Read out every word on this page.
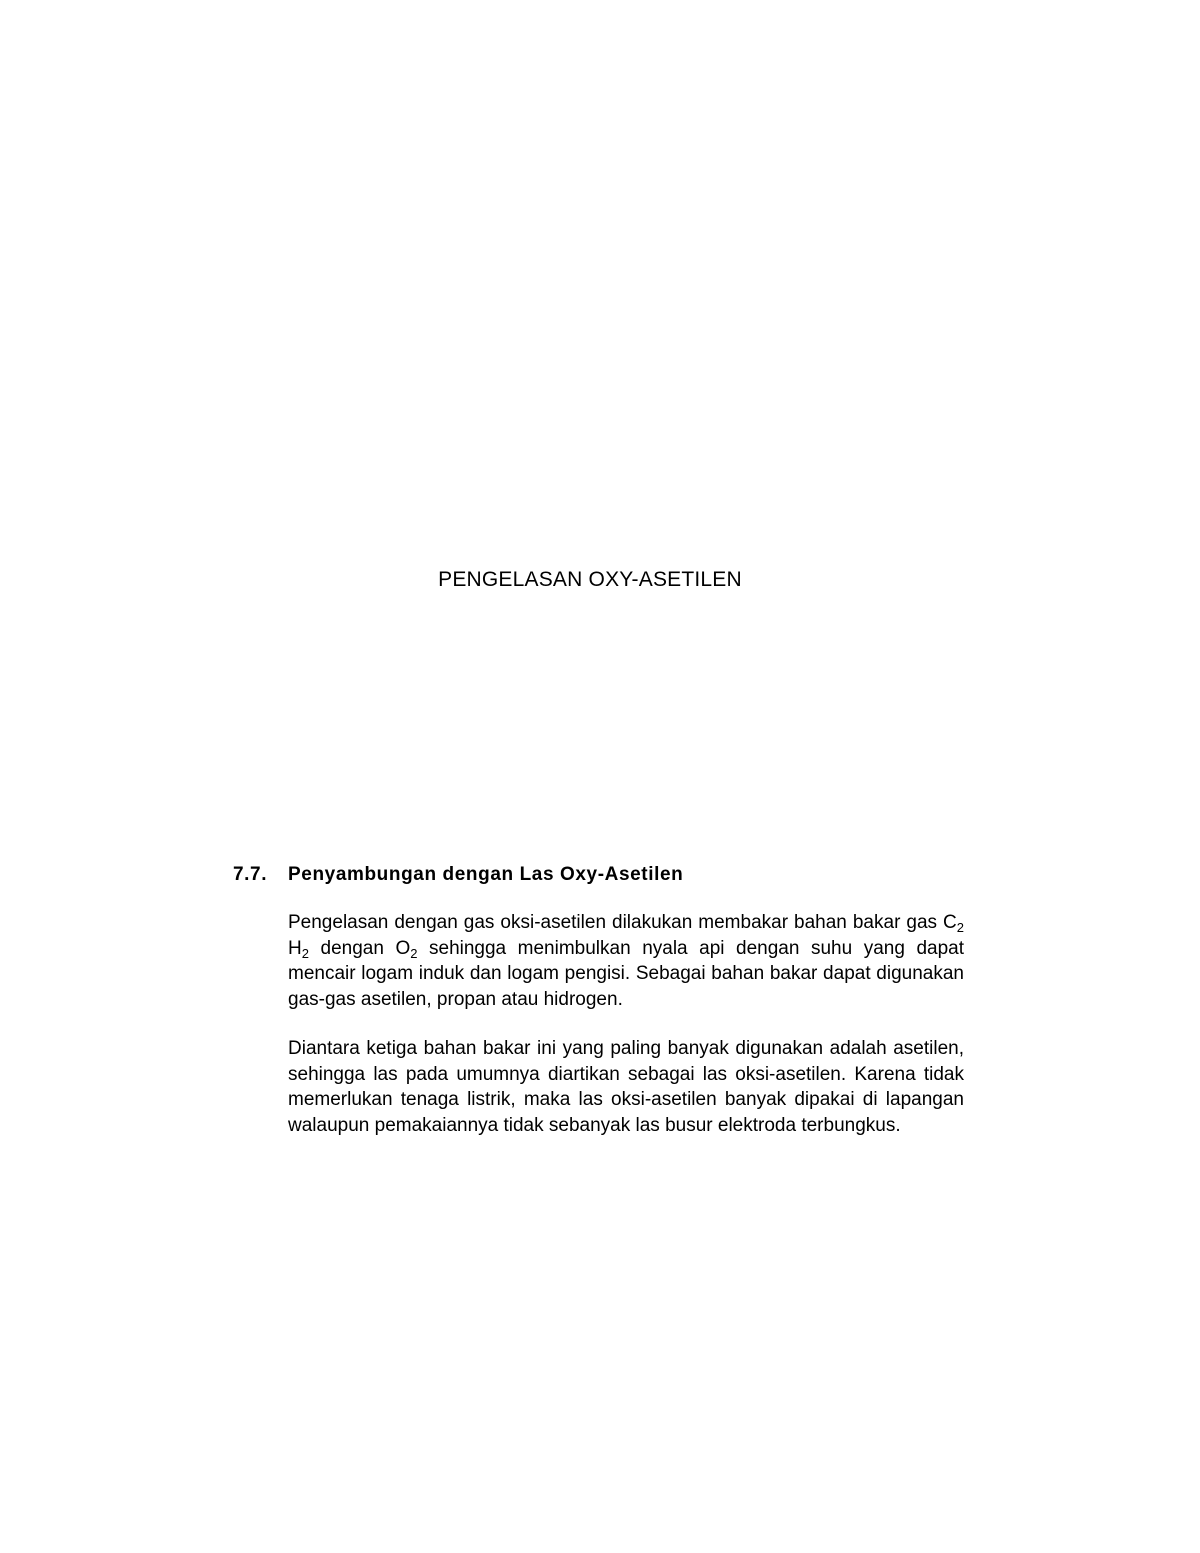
PENGELASAN OXY-ASETILEN
7.7. Penyambungan dengan Las Oxy-Asetilen
Pengelasan dengan gas oksi-asetilen dilakukan membakar bahan bakar gas $C_2$ $H_2$ dengan $O_2$ sehingga menimbulkan nyala api dengan suhu yang dapat mencair logam induk dan logam pengisi. Sebagai bahan bakar dapat digunakan gas-gas asetilen, propan atau hidrogen.
Diantara ketiga bahan bakar ini yang paling banyak digunakan adalah asetilen, sehingga las pada umumnya diartikan sebagai las oksi-asetilen. Karena tidak memerlukan tenaga listrik, maka las oksi-asetilen banyak dipakai di lapangan walaupun pemakaiannya tidak sebanyak las busur elektroda terbungkus.
